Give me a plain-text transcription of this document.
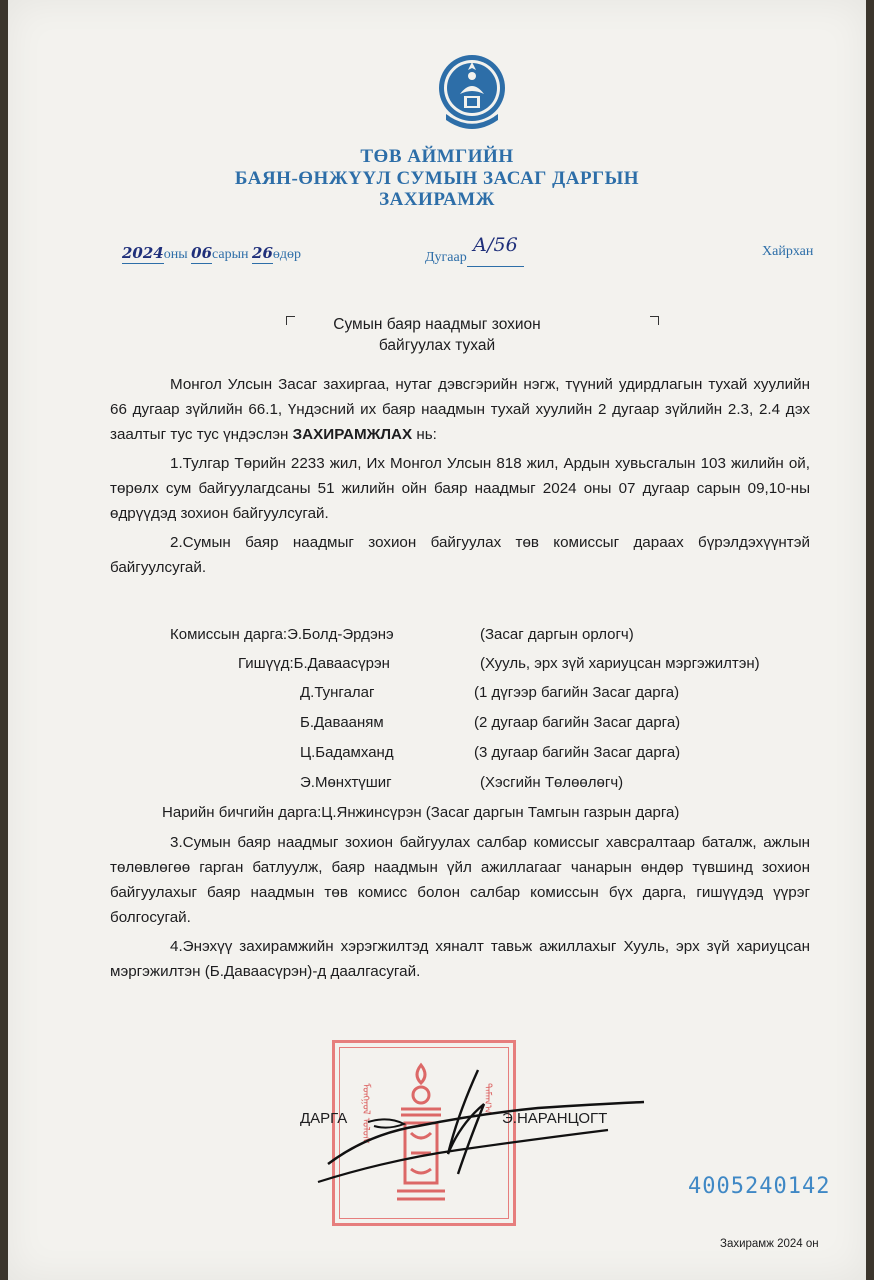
ТӨВ АЙМГИЙН
БАЯН-ӨНЖҮҮЛ СУМЫН ЗАСАГ ДАРГЫН
ЗАХИРАМЖ
2024оны 06сарын 26өдөр	ДугаарА/56	Хайрхан
Сумын баяр наадмыг зохион
байгуулах тухай

Монгол Улсын Засаг захиргаа, нутаг дэвсгэрийн нэгж, түүний удирдлагын тухай хуулийн 66 дугаар зүйлийн 66.1, Үндэсний их баяр наадмын тухай хуулийн 2 дугаар зүйлийн 2.3, 2.4 дэх заалтыг тус тус үндэслэн ЗАХИРАМЖЛАХ нь:

1.Тулгар Төрийн 2233 жил, Их Монгол Улсын 818 жил, Ардын хувьсгалын 103 жилийн ой, төрөлх сум байгуулагдсаны 51 жилийн ойн баяр наадмыг 2024 оны 07 дугаар сарын 09,10-ны өдрүүдэд зохион байгуулсугай.

2.Сумын баяр наадмыг зохион байгуулах төв комиссыг дараах бүрэлдэхүүнтэй байгуулсугай.

Комиссын дарга:Э.Болд-Эрдэнэ	(Засаг даргын орлогч)
Гишүүд:Б.Даваасүрэн	(Хууль, эрх зүй хариуцсан мэргэжилтэн)
Д.Тунгалаг	(1 дүгээр багийн Засаг дарга)
Б.Даваaням	(2 дугаар багийн Засаг дарга)
Ц.Бадамханд	(3 дугаар багийн Засаг дарга)
Э.Мөнхтүшиг	(Хэсгийн Төлөөлөгч)
Нарийн бичгийн дарга:Ц.Янжинсүрэн (Засаг даргын Тамгын газрын дарга)

3.Сумын баяр наадмыг зохион байгуулах салбар комиссыг хавсралтаар баталж, ажлын төлөвлөгөө гарган батлуулж, баяр наадмын үйл ажиллагааг чанарын өндөр түвшинд зохион байгуулахыг баяр наадмын төв комисс болон салбар комиссын бүх дарга, гишүүдэд үүрэг болгосугай.

4.Энэхүү захирамжийн хэрэгжилтэд хяналт тавьж ажиллахыг Хууль, эрх зүй хариуцсан мэргэжилтэн (Б.Даваасүрэн)-д даалгасугай.

ᠮᠣᠩᠭᠤᠯ ᠤᠯᠤᠰ	ᠲᠠᠮᠠᠭ᠎ᠠ
ДАРГА	Э.НАРАНЦОГТ
4005240142
Захирамж 2024 он
